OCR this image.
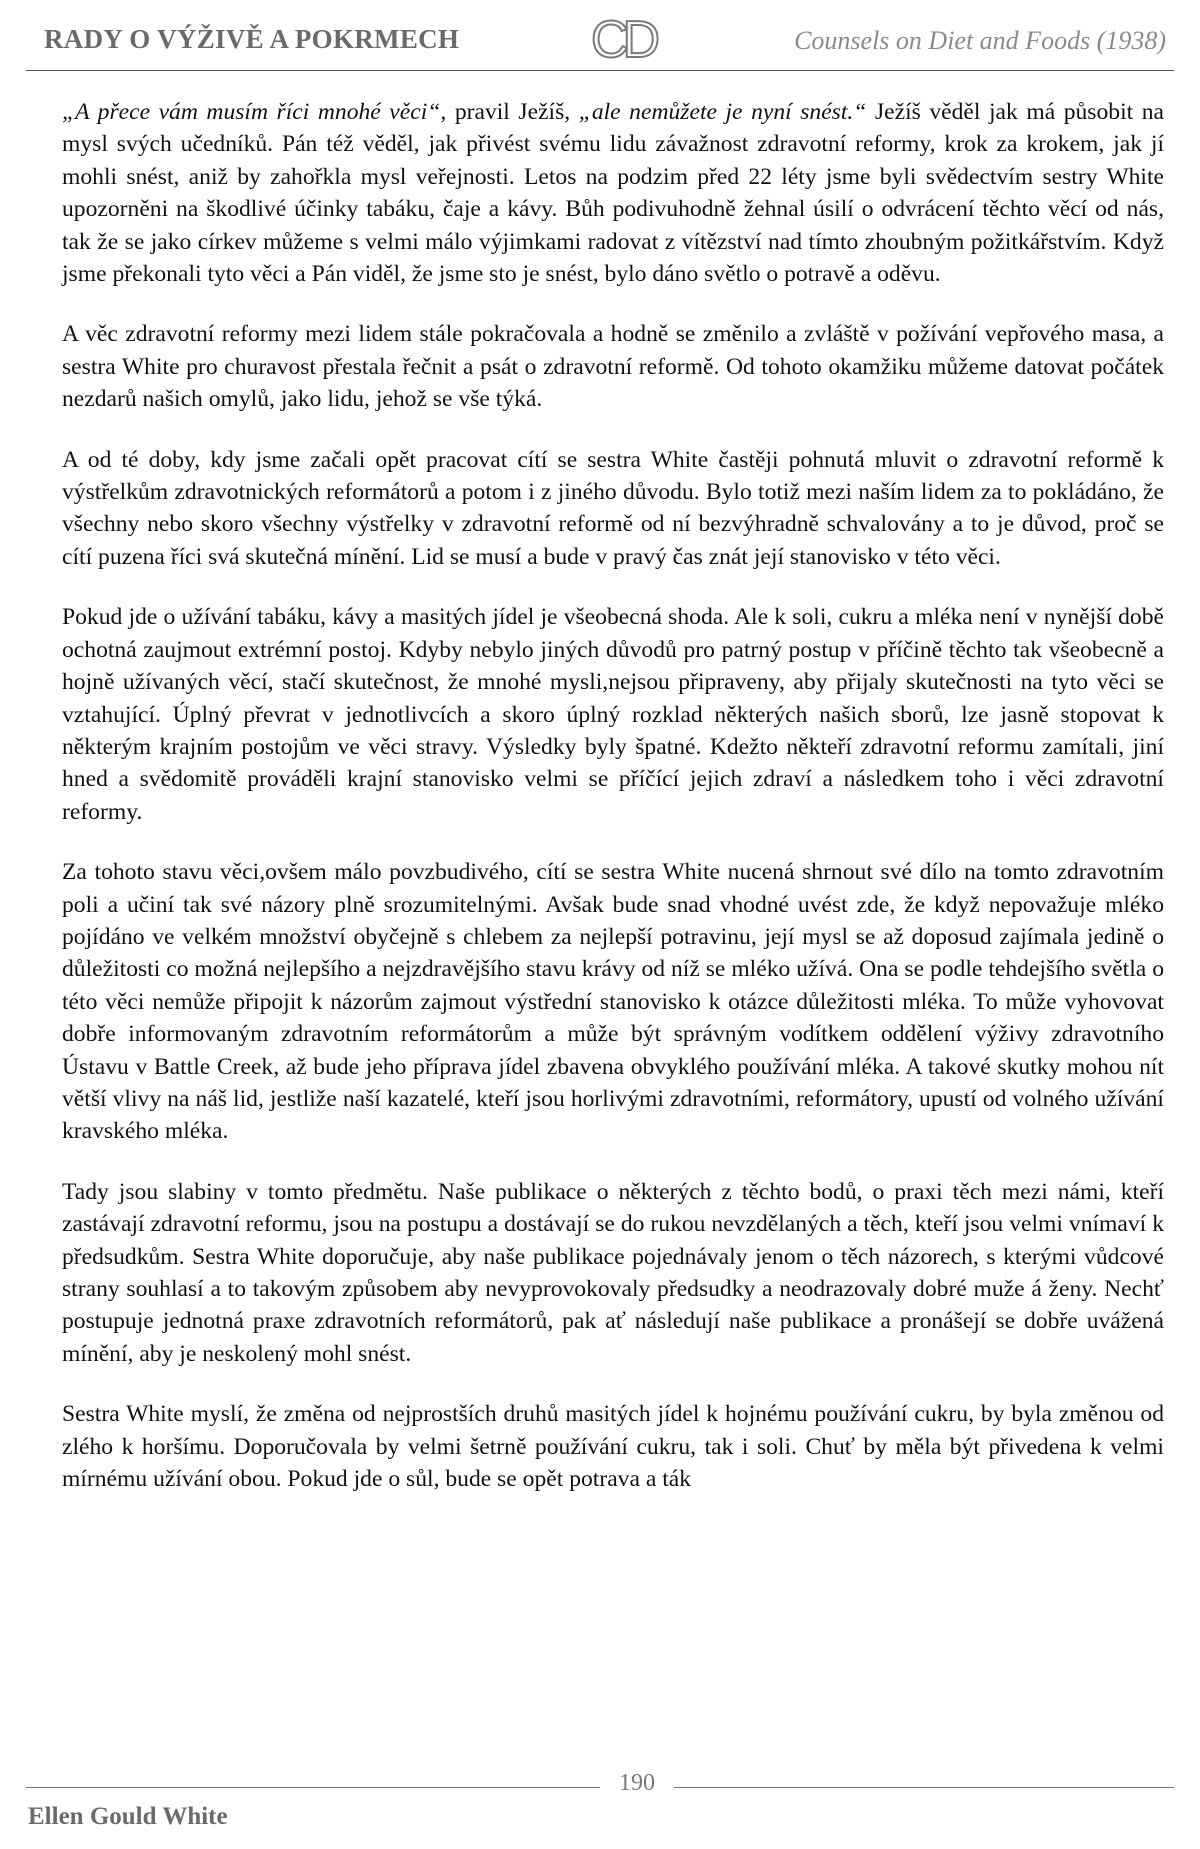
RADY O VÝŽIVĚ A POKRMECH	CD	Counsels on Diet and Foods (1938)

„A přece vám musím říci mnohé věci“, pravil Ježíš, „ale nemůžete je nyní snést.“ Ježíš věděl jak má působit na mysl svých učedníků. Pán též věděl, jak přivést svému lidu závažnost zdravotní reformy, krok za krokem, jak jí mohli snést, aniž by zahořkla mysl veřejnosti. Letos na podzim před 22 léty jsme byli svědectvím sestry White upozorněni na škodlivé účinky tabáku, čaje a kávy. Bůh podivuhodně žehnal úsilí o odvrácení těchto věcí od nás, tak že se jako církev můžeme s velmi málo výjimkami radovat z vítězství nad tímto zhoubným požitkářstvím. Když jsme překonali tyto věci a Pán viděl, že jsme sto je snést, bylo dáno světlo o potravě a oděvu.

A věc zdravotní reformy mezi lidem stále pokračovala a hodně se změnilo a zvláště v požívání vepřového masa, a sestra White pro churavost přestala řečnit a psát o zdravotní reformě. Od tohoto okamžiku můžeme datovat počátek nezdarů našich omylů, jako lidu, jehož se vše týká.

A od té doby, kdy jsme začali opět pracovat cítí se sestra White častěji pohnutá mluvit o zdravotní reformě k výstřelkům zdravotnických reformátorů a potom i z jiného důvodu. Bylo totiž mezi naším lidem za to pokládáno, že všechny nebo skoro všechny výstřelky v zdravotní reformě od ní bezvýhradně schvalovány a to je důvod, proč se cítí puzena říci svá skutečná mínění. Lid se musí a bude v pravý čas znát její stanovisko v této věci.

Pokud jde o užívání tabáku, kávy a masitých jídel je všeobecná shoda. Ale k soli, cukru a mléka není v nynější době ochotná zaujmout extrémní postoj. Kdyby nebylo jiných důvodů pro patrný postup v příčině těchto tak všeobecně a hojně užívaných věcí, stačí skutečnost, že mnohé mysli,nejsou připraveny, aby přijaly skutečnosti na tyto věci se vztahující. Úplný převrat v jednotlivcích a skoro úplný rozklad některých našich sborů, lze jasně stopovat k některým krajním postojům ve věci stravy. Výsledky byly špatné. Kdežto někteří zdravotní reformu zamítali, jiní hned a svědomitě prováděli krajní stanovisko velmi se příčící jejich zdraví a následkem toho i věci zdravotní reformy.

Za tohoto stavu věci,ovšem málo povzbudivého, cítí se sestra White nucená shrnout své dílo na tomto zdravotním poli a učiní tak své názory plně srozumitelnými. Avšak bude snad vhodné uvést zde, že když nepovažuje mléko pojídáno ve velkém množství obyčejně s chlebem za nejlepší potravinu, její mysl se až doposud zajímala jedině o důležitosti co možná nejlepšího a nejzdravějšího stavu krávy od níž se mléko užívá. Ona se podle tehdejšího světla o této věci nemůže připojit k názorům zajmout výstřední stanovisko k otázce důležitosti mléka. To může vyhovovat dobře informovaným zdravotním reformátorům a může být správným vodítkem oddělení výživy zdravotního Ústavu v Battle Creek, až bude jeho příprava jídel zbavena obvyklého používání mléka. A takové skutky mohou nít větší vlivy na náš lid, jestliže naší kazatelé, kteří jsou horlivými zdravotními, reformátory, upustí od volného užívání kravského mléka.

Tady jsou slabiny v tomto předmětu. Naše publikace o některých z těchto bodů, o praxi těch mezi námi, kteří zastávají zdravotní reformu, jsou na postupu a dostávají se do rukou nevzdělaných a těch, kteří jsou velmi vnímaví k předsudkům. Sestra White doporučuje, aby naše publikace pojednávaly jenom o těch názorech, s kterými vůdcové strany souhlasí a to takovým způsobem aby nevyprovokovaly předsudky a neodrazovaly dobré muže á ženy. Nechť postupuje jednotná praxe zdravotních reformátorů, pak ať následují naše publikace a pronášejí se dobře uvážená mínění, aby je neskolený mohl snést.

Sestra White myslí, že změna od nejprostších druhů masitých jídel k hojnému používání cukru, by byla změnou od zlého k horšímu. Doporučovala by velmi šetrně používání cukru, tak i soli. Chuť by měla být přivedena k velmi mírnému užívání obou. Pokud jde o sůl, bude se opět potrava a ták

190
Ellen Gould White
